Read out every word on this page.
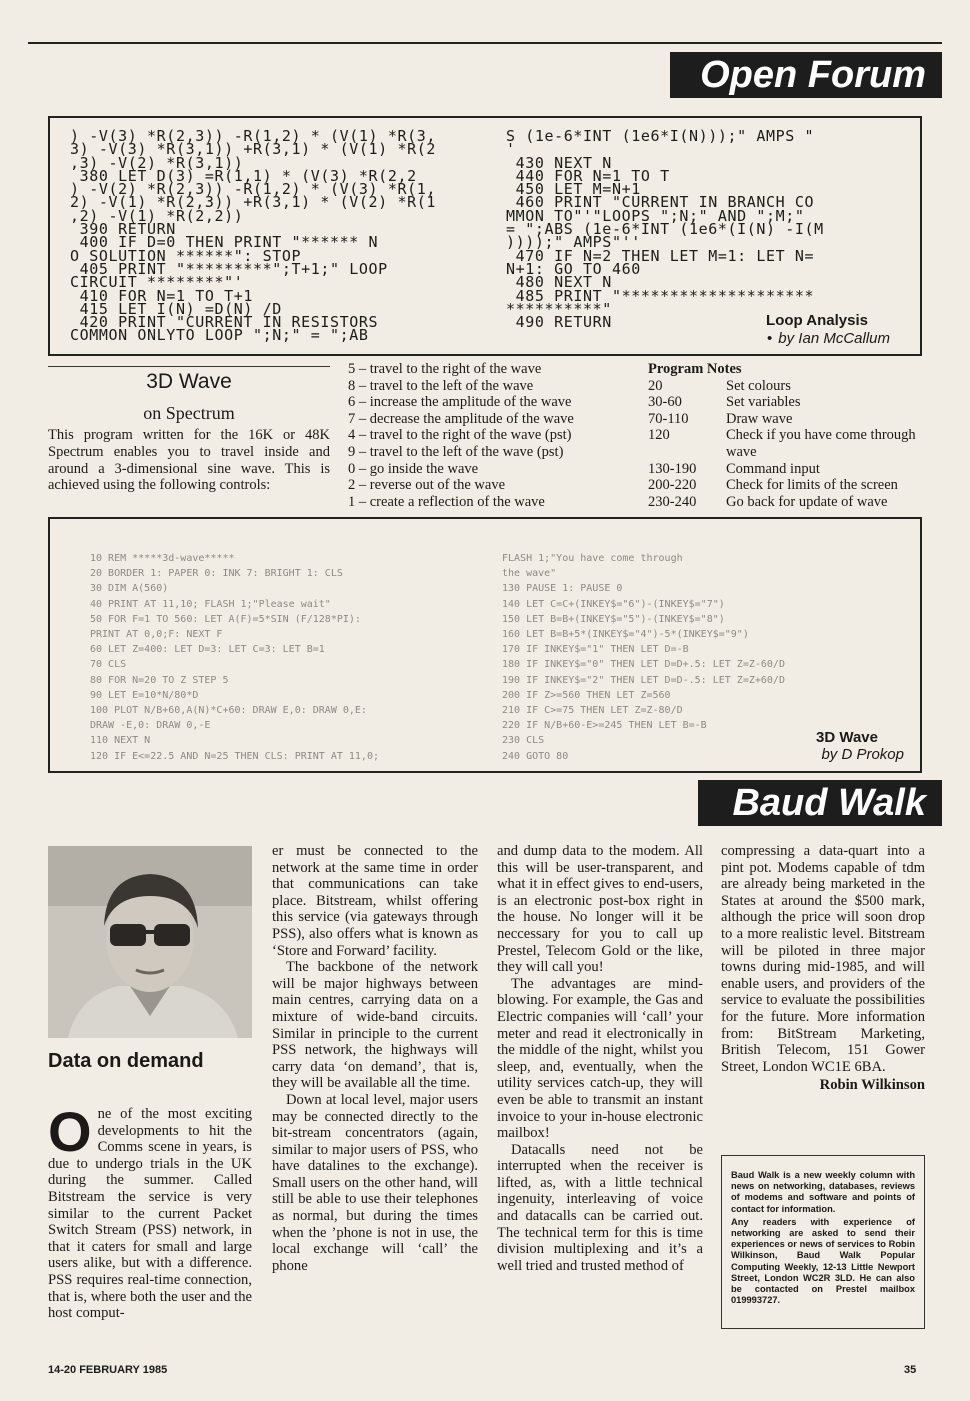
Open Forum
) -V(3) *R(2,3)) -R(1,2) * (V(1) *R(3,
3) -V(3) *R(3,1)) +R(3,1) * (V(1) *R(2
,3) -V(2) *R(3,1))
380 LET D(3) =R(1,1) * (V(3) *R(2,2
) -V(2) *R(2,3)) -R(1,2) * (V(3) *R(1,
2) -V(1) *R(2,3)) +R(3,1) * (V(2) *R(1
,2) -V(1) *R(2,2))
390 RETURN
400 IF D=0 THEN PRINT "****** N
O SOLUTION ******": STOP
405 PRINT "*********";T+1;" LOOP
CIRCUIT ********"'
410 FOR N=1 TO T+1
415 LET I(N) =D(N) /D
420 PRINT "CURRENT IN RESISTORS
COMMON ONLYTO LOOP ";N;" = ";AB
S (1e-6*INT (1e6*I(N)));" AMPS "
'
430 NEXT N
440 FOR N=1 TO T
450 LET M=N+1
460 PRINT "CURRENT IN BRANCH CO
MMON TO"'"LOOPS ";N;" AND ";M;"
= ";ABS (1e-6*INT (1e6*(I(N) -I(M
))));" AMPS"''
470 IF N=2 THEN LET M=1: LET N=
N+1: GO TO 460
480 NEXT N
485 PRINT "********************
**********"
490 RETURN	Loop Analysis
• by Ian McCallum
3D Wave
on Spectrum
This program written for the 16K or 48K Spectrum enables you to travel inside and around a 3-dimensional sine wave. This is achieved using the following controls:
5 – travel to the right of the wave
8 – travel to the left of the wave
6 – increase the amplitude of the wave
7 – decrease the amplitude of the wave
4 – travel to the right of the wave (pst)
9 – travel to the left of the wave (pst)
0 – go inside the wave
2 – reverse out of the wave
1 – create a reflection of the wave
Program Notes
20	Set colours
30-60	Set variables
70-110	Draw wave
120	Check if you have come through wave
130-190	Command input
200-220	Check for limits of the screen
230-240	Go back for update of wave
10 REM *****3d-wave*****
20 BORDER 1: PAPER 0: INK 7: BRIGHT 1: CLS
30 DIM A(560)
40 PRINT AT 11,10; FLASH 1;"Please wait"
50 FOR F=1 TO 560: LET A(F)=5*SIN (F/128*PI):
PRINT AT 0,0;F: NEXT F
60 LET Z=400: LET D=3: LET C=3: LET B=1
70 CLS
80 FOR N=20 TO Z STEP 5
90 LET E=10*N/80*D
100 PLOT N/B+60,A(N)*C+60: DRAW E,0: DRAW 0,E:
DRAW -E,0: DRAW 0,-E
110 NEXT N
120 IF E<=22.5 AND N=25 THEN CLS: PRINT AT 11,0;
FLASH 1;"You have come through
the wave"
130 PAUSE 1: PAUSE 0
140 LET C=C+(INKEY$="6")-(INKEY$="7")
150 LET B=B+(INKEY$="5")-(INKEY$="8")
160 LET B=B+5*(INKEY$="4")-5*(INKEY$="9")
170 IF INKEY$="1" THEN LET D=-B
180 IF INKEY$="0" THEN LET D=D+.5: LET Z=Z-60/D
190 IF INKEY$="2" THEN LET D=D-.5: LET Z=Z+60/D
200 IF Z>=560 THEN LET Z=560
210 IF C>=75 THEN LET Z=Z-80/D
220 IF N/B+60-E>=245 THEN LET B=-B
230 CLS
240 GOTO 80
3D Wave
by D Prokop
Baud Walk
Data on demand

One of the most exciting developments to hit the Comms scene in years, is due to undergo trials in the UK during the summer. Called Bitstream the service is very similar to the current Packet Switch Stream (PSS) network, in that it caters for small and large users alike, but with a difference. PSS requires real-time connection, that is, where both the user and the host comput-

er must be connected to the network at the same time in order that communications can take place. Bitstream, whilst offering this service (via gateways through PSS), also offers what is known as ‘Store and Forward’ facility.

The backbone of the network will be major highways between main centres, carrying data on a mixture of wide-band circuits. Similar in principle to the current PSS network, the highways will carry data ‘on demand’, that is, they will be available all the time.

Down at local level, major users may be connected directly to the bit-stream concentrators (again, similar to major users of PSS, who have datalines to the exchange). Small users on the other hand, will still be able to use their telephones as normal, but during the times when the ’phone is not in use, the local exchange will ‘call’ the phone

and dump data to the modem. All this will be user-transparent, and what it in effect gives to end-users, is an electronic post-box right in the house. No longer will it be neccessary for you to call up Prestel, Telecom Gold or the like, they will call you!

The advantages are mind-blowing. For example, the Gas and Electric companies will ‘call’ your meter and read it electronically in the middle of the night, whilst you sleep, and, eventually, when the utility services catch-up, they will even be able to transmit an instant invoice to your in-house electronic mailbox!

Datacalls need not be interrupted when the receiver is lifted, as, with a little technical ingenuity, interleaving of voice and datacalls can be carried out. The technical term for this is time division multiplexing and it’s a well tried and trusted method of

compressing a data-quart into a pint pot. Modems capable of tdm are already being marketed in the States at around the $500 mark, although the price will soon drop to a more realistic level. Bitstream will be piloted in three major towns during mid-1985, and will enable users, and providers of the service to evaluate the possibilities for the future. More information from: BitStream Marketing, British Telecom, 151 Gower Street, London WC1E 6BA.

Robin Wilkinson

Baud Walk is a new weekly column with news on networking, databases, reviews of modems and software and points of contact for information.

Any readers with experience of networking are asked to send their experiences or news of services to Robin Wilkinson, Baud Walk Popular Computing Weekly, 12-13 Little Newport Street, London WC2R 3LD. He can also be contacted on Prestel mailbox 019993727.

14-20 FEBRUARY 1985	35
